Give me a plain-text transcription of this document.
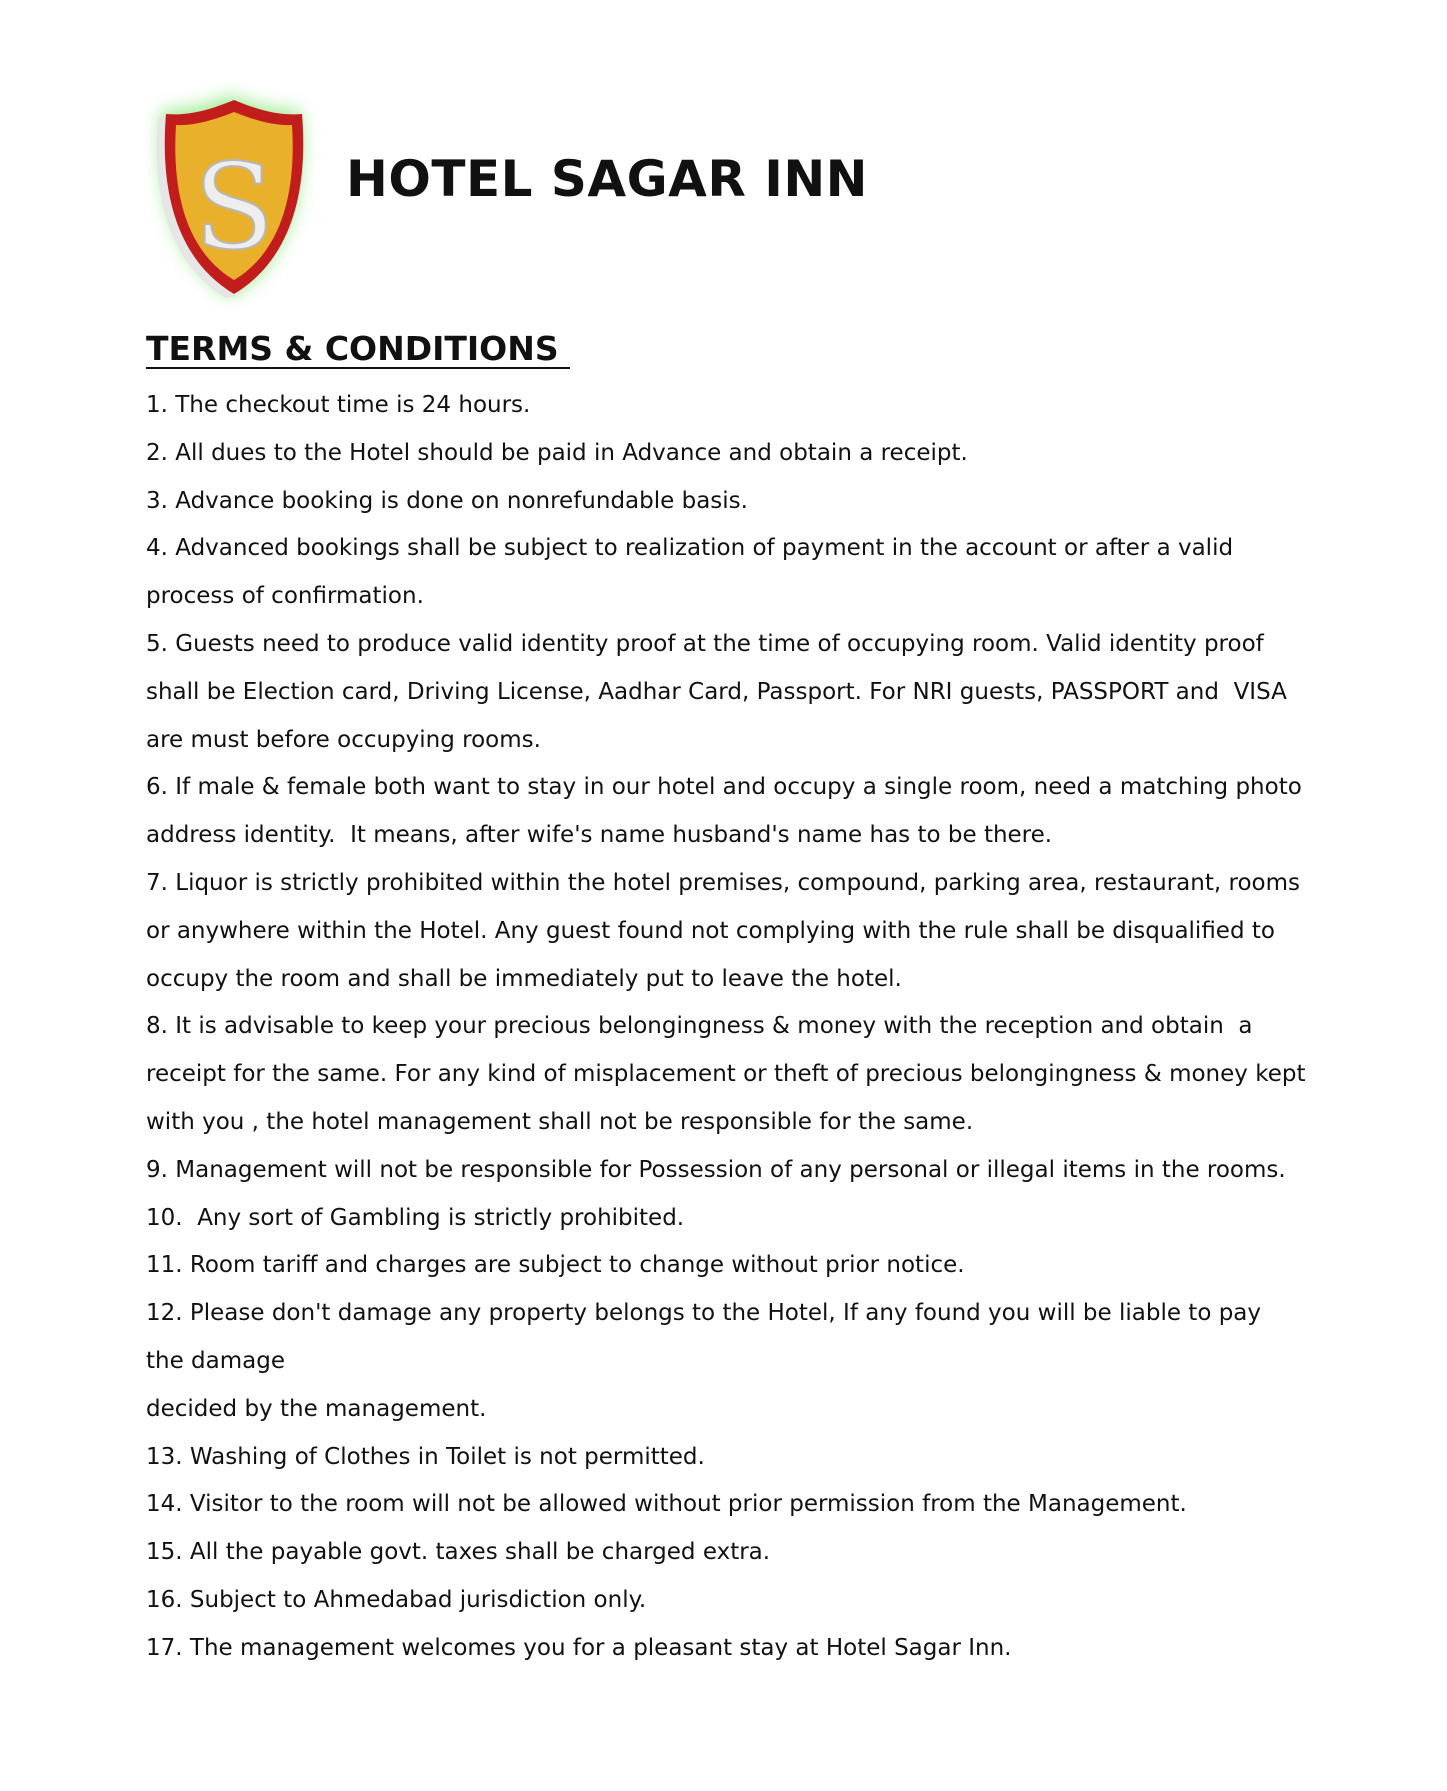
S HOTEL SAGAR INN
TERMS & CONDITIONS

1. The checkout time is 24 hours.

2. All dues to the Hotel should be paid in Advance and obtain a receipt.

3. Advance booking is done on nonrefundable basis.

4. Advanced bookings shall be subject to realization of payment in the account or after a valid process of confirmation.

5. Guests need to produce valid identity proof at the time of occupying room. Valid identity proof shall be Election card, Driving License, Aadhar Card, Passport. For NRI guests, PASSPORT and  VISA are must before occupying rooms.

6. If male & female both want to stay in our hotel and occupy a single room, need a matching photo address identity.  It means, after wife's name husband's name has to be there.

7. Liquor is strictly prohibited within the hotel premises, compound, parking area, restaurant, rooms or anywhere within the Hotel. Any guest found not complying with the rule shall be disqualified to occupy the room and shall be immediately put to leave the hotel.

8. It is advisable to keep your precious belongingness & money with the reception and obtain  a receipt for the same. For any kind of misplacement or theft of precious belongingness & money kept with you , the hotel management shall not be responsible for the same.

9. Management will not be responsible for Possession of any personal or illegal items in the rooms.

10.  Any sort of Gambling is strictly prohibited.

11. Room tariff and charges are subject to change without prior notice.

12. Please don't damage any property belongs to the Hotel, If any found you will be liable to pay the damage
decided by the management.

13. Washing of Clothes in Toilet is not permitted.

14. Visitor to the room will not be allowed without prior permission from the Management.

15. All the payable govt. taxes shall be charged extra.

16. Subject to Ahmedabad jurisdiction only.

17. The management welcomes you for a pleasant stay at Hotel Sagar Inn.
